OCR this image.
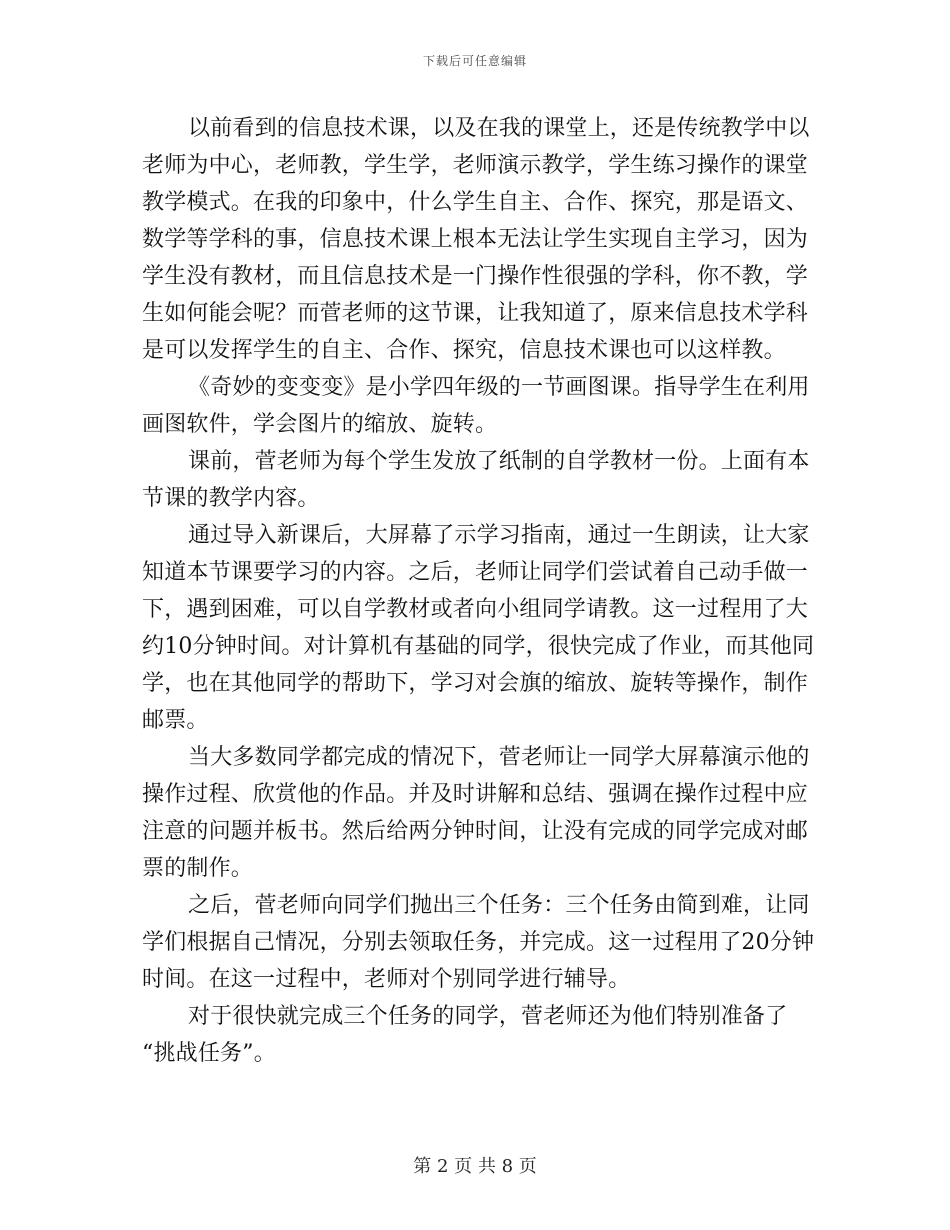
下载后可任意编辑
以前看到的信息技术课，以及在我的课堂上，还是传统教学中以
老师为中心，老师教，学生学，老师演示教学，学生练习操作的课堂
教学模式。在我的印象中，什么学生自主、合作、探究，那是语文、
数学等学科的事，信息技术课上根本无法让学生实现自主学习，因为
学生没有教材，而且信息技术是一门操作性很强的学科，你不教，学
生如何能会呢？而菅老师的这节课，让我知道了，原来信息技术学科
是可以发挥学生的自主、合作、探究，信息技术课也可以这样教。
《奇妙的变变变》是小学四年级的一节画图课。指导学生在利用
画图软件，学会图片的缩放、旋转。
课前，菅老师为每个学生发放了纸制的自学教材一份。上面有本
节课的教学内容。
通过导入新课后，大屏幕了示学习指南，通过一生朗读，让大家
知道本节课要学习的内容。之后，老师让同学们尝试着自己动手做一
下，遇到困难，可以自学教材或者向小组同学请教。这一过程用了大
约10分钟时间。对计算机有基础的同学，很快完成了作业，而其他同
学，也在其他同学的帮助下，学习对会旗的缩放、旋转等操作，制作
邮票。
当大多数同学都完成的情况下，菅老师让一同学大屏幕演示他的
操作过程、欣赏他的作品。并及时讲解和总结、强调在操作过程中应
注意的问题并板书。然后给两分钟时间，让没有完成的同学完成对邮
票的制作。
之后，菅老师向同学们抛出三个任务：三个任务由简到难，让同
学们根据自己情况，分别去领取任务，并完成。这一过程用了20分钟
时间。在这一过程中，老师对个别同学进行辅导。
对于很快就完成三个任务的同学，菅老师还为他们特别准备了
“挑战任务”。
第 2 页 共 8 页
